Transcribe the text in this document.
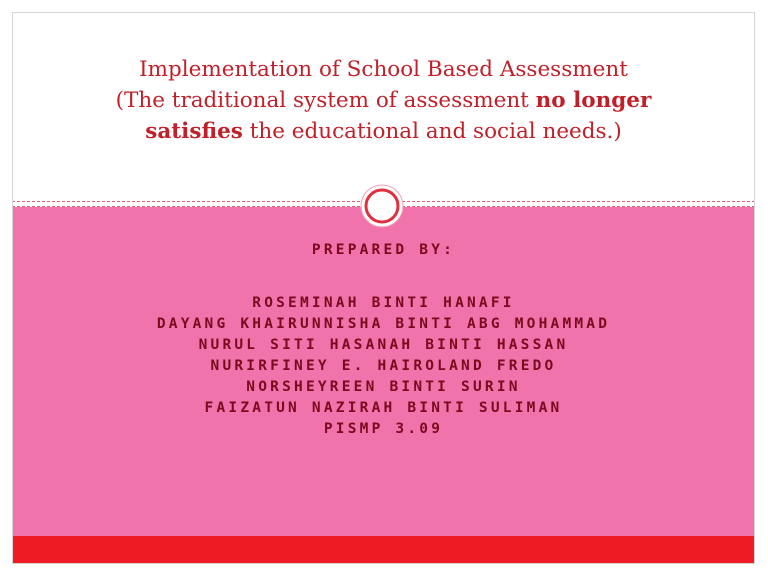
Implementation of School Based Assessment
(The traditional system of assessment no longer
satisfies the educational and social needs.)
PREPARED BY:
ROSEMINAH BINTI HANAFI
DAYANG KHAIRUNNISHA BINTI ABG MOHAMMAD
NURUL SITI HASANAH BINTI HASSAN
NURIRFINEY E. HAIROLAND FREDO
NORSHEYREEN BINTI SURIN
FAIZATUN NAZIRAH BINTI SULIMAN
PISMP 3.09
